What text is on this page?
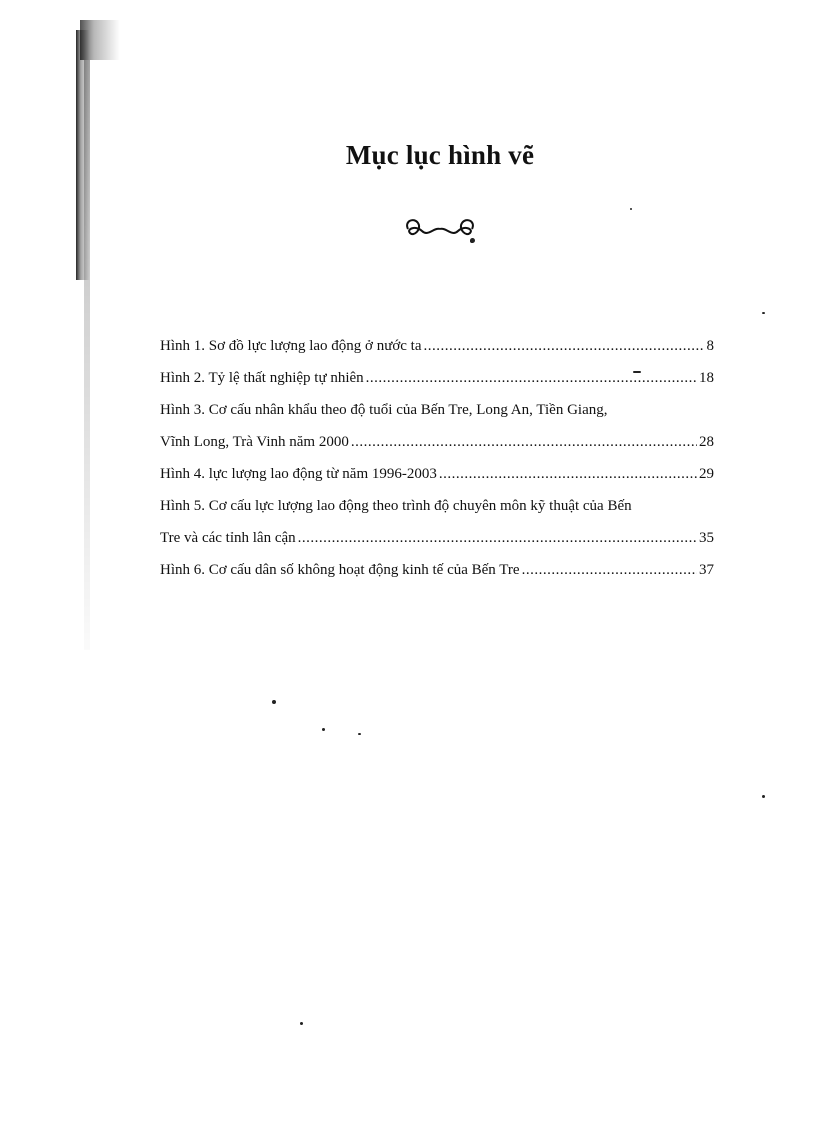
Mục lục hình vẽ
Hình 1. Sơ đồ lực lượng lao động ở nước ta .....	8
Hình 2. Tỷ lệ thất nghiệp tự nhiên .....	18
Hình 3. Cơ cấu nhân khẩu theo độ tuổi của Bến Tre, Long An, Tiền Giang,
Vĩnh Long, Trà Vinh năm 2000 .....	28
Hình 4. lực lượng lao động từ năm 1996-2003 .....	29
Hình 5. Cơ cấu lực lượng lao động theo trình độ chuyên môn kỹ thuật của Bến
Tre và các tỉnh lân cận .....	35
Hình 6. Cơ cấu dân số không hoạt động kinh tế của Bến Tre .....	37
